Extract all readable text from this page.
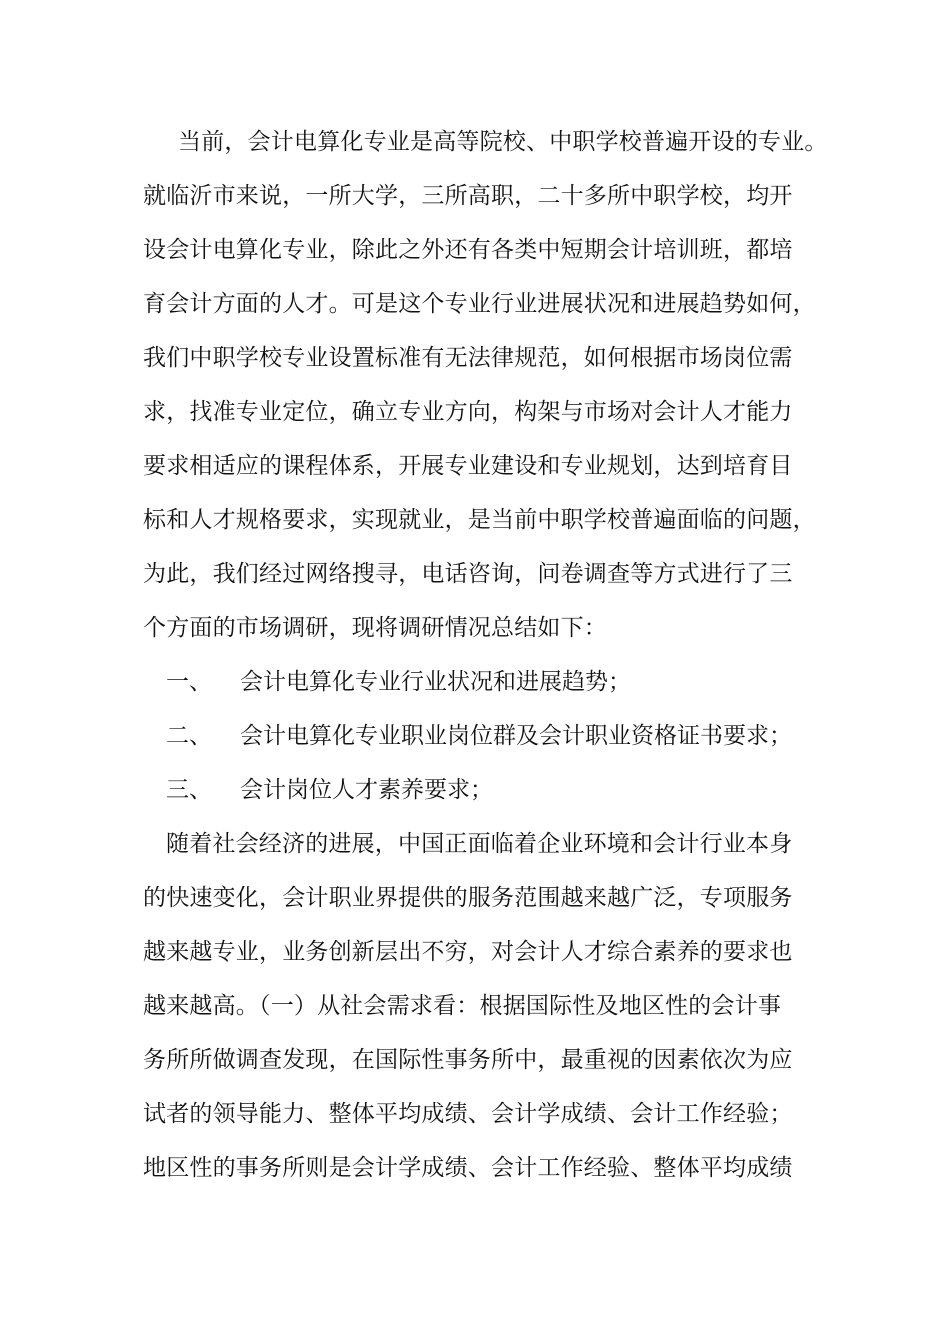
当前，会计电算化专业是高等院校、中职学校普遍开设的专业。
就临沂市来说，一所大学，三所高职，二十多所中职学校，均开
设会计电算化专业，除此之外还有各类中短期会计培训班，都培
育会计方面的人才。可是这个专业行业进展状况和进展趋势如何，
我们中职学校专业设置标准有无法律规范，如何根据市场岗位需
求，找准专业定位，确立专业方向，构架与市场对会计人才能力
要求相适应的课程体系，开展专业建设和专业规划，达到培育目
标和人才规格要求，实现就业，是当前中职学校普遍面临的问题，
为此，我们经过网络搜寻，电话咨询，问卷调查等方式进行了三
个方面的市场调研，现将调研情况总结如下：
一、 会计电算化专业行业状况和进展趋势；
二、 会计电算化专业职业岗位群及会计职业资格证书要求；
三、 会计岗位人才素养要求；
随着社会经济的进展，中国正面临着企业环境和会计行业本身
的快速变化，会计职业界提供的服务范围越来越广泛，专项服务
越来越专业，业务创新层出不穷，对会计人才综合素养的要求也
越来越高。（一）从社会需求看：根据国际性及地区性的会计事
务所所做调查发现，在国际性事务所中，最重视的因素依次为应
试者的领导能力、整体平均成绩、会计学成绩、会计工作经验；
地区性的事务所则是会计学成绩、会计工作经验、整体平均成绩
